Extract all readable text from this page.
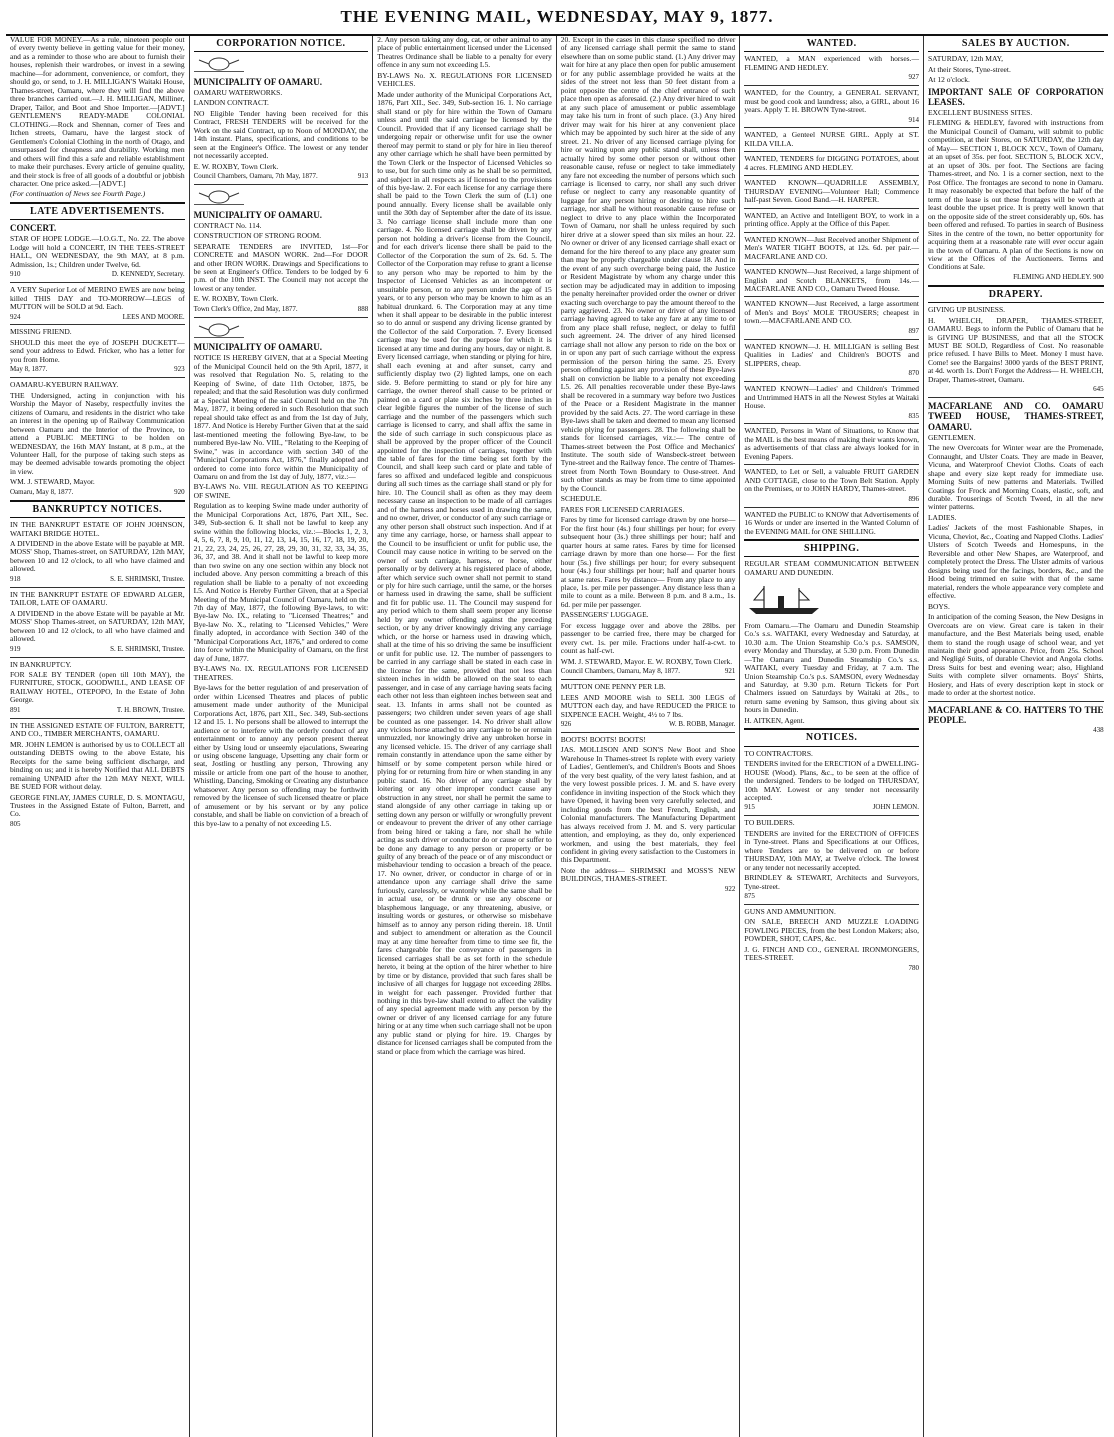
THE EVENING MAIL, WEDNESDAY, MAY 9, 1877.

VALUE FOR MONEY.—As a rule, nineteen people out of every twenty believe in getting value for their money, and as a reminder to those who are about to furnish their houses, replenish their wardrobes, or invest in a sewing machine—for adornment, convenience, or comfort, they should go, or send, to J. H. MILLIGAN'S Waitaki House, Thames-street, Oamaru, where they will find the above three branches carried out.—J. H. MILLIGAN, Milliner, Draper, Tailor, and Boot and Shoe Importer.—[ADVT.] GENTLEMEN'S READY-MADE COLONIAL CLOTHING.—Rock and Shennan, corner of Tees and Itchen streets, Oamaru, have the largest stock of Gentlemen's Colonial Clothing in the north of Otago, and unsurpassed for cheapness and durability. Working men and others will find this a safe and reliable establishment to make their purchases. Every article of genuine quality, and their stock is free of all goods of a doubtful or jobbish character. One price asked.—[ADVT.]

(For continuation of News see Fourth Page.)

LATE ADVERTISEMENTS.

CONCERT.

STAR OF HOPE LODGE.—I.O.G.T., No. 22. The above Lodge will hold a CONCERT, IN THE TEES-STREET HALL, ON WEDNESDAY, the 9th MAY, at 8 p.m. Admission, 1s.; Children under Twelve, 6d.

910	D. KENNEDY, Secretary.

A VERY Superior Lot of MERINO EWES are now being killed THIS DAY and TO-MORROW—LEGS of MUTTON will be SOLD at 9d. Each.

924	LEES AND MOORE.

MISSING FRIEND.

SHOULD this meet the eye of JOSEPH DUCKETT—send your address to Edwd. Fricker, who has a letter for you from Home.

May 8, 1877.	923

OAMARU-KYEBURN RAILWAY.

THE Undersigned, acting in conjunction with his Worship the Mayor of Naseby, respectfully invites the citizens of Oamaru, and residents in the district who take an interest in the opening up of Railway Communication between Oamaru and the Interior of the Province, to attend a PUBLIC MEETING to be holden on WEDNESDAY, the 16th MAY Instant, at 8 p.m., at the Volunteer Hall, for the purpose of taking such steps as may be deemed advisable towards promoting the object in view.

WM. J. STEWARD, Mayor.

Oamaru, May 8, 1877.	920
BANKRUPTCY NOTICES.

IN THE BANKRUPT ESTATE OF JOHN JOHNSON, WAITAKI BRIDGE HOTEL.

A DIVIDEND in the above Estate will be payable at MR. MOSS' Shop, Thames-street, on SATURDAY, 12th MAY, between 10 and 12 o'clock, to all who have claimed and allowed.

918	S. E. SHRIMSKI, Trustee.

IN THE BANKRUPT ESTATE OF EDWARD ALGER, TAILOR, LATE OF OAMARU.

A DIVIDEND in the above Estate will be payable at Mr. MOSS' Shop Thames-street, on SATURDAY, 12th MAY, between 10 and 12 o'clock, to all who have claimed and allowed.

919	S. E. SHRIMSKI, Trustee.

IN BANKRUPTCY.

FOR SALE BY TENDER (open till 10th MAY), the FURNITURE, STOCK, GOODWILL, AND LEASE OF RAILWAY HOTEL, OTEPOPO, In the Estate of John George.

891	T. H. BROWN, Trustee.

IN THE ASSIGNED ESTATE OF FULTON, BARRETT, AND CO., TIMBER MERCHANTS, OAMARU.

MR. JOHN LEMON is authorised by us to COLLECT all outstanding DEBTS owing to the above Estate, his Receipts for the same being sufficient discharge, and binding on us; and it is hereby Notified that ALL DEBTS remaining UNPAID after the 12th MAY NEXT, WILL BE SUED FOR without delay.

GEORGE FINLAY, JAMES CURLE, D. S. MONTAGU, Trustees in the Assigned Estate of Fulton, Barrett, and Co.

805
CORPORATION NOTICE.

MUNICIPALITY OF OAMARU.

OAMARU WATERWORKS.

LANDON CONTRACT.

NO Eligible Tender having been received for this Contract, FRESH TENDERS will be received for the Work on the said Contract, up to Noon of MONDAY, the 14th instant. Plans, specifications, and conditions to be seen at the Engineer's Office. The lowest or any tender not necessarily accepted.

E. W. ROXBY, Town Clerk.

Council Chambers, Oamaru, 7th May, 1877.	913

MUNICIPALITY OF OAMARU.

CONTRACT No. 114.

CONSTRUCTION OF STRONG ROOM.

SEPARATE TENDERS are INVITED, 1st—For CONCRETE and MASON WORK. 2nd—For DOOR and other IRON WORK. Drawings and Specifications to be seen at Engineer's Office. Tenders to be lodged by 6 p.m. of the 10th INST. The Council may not accept the lowest or any tender.

E. W. ROXBY, Town Clerk.

Town Clerk's Office, 2nd May, 1877.	888

MUNICIPALITY OF OAMARU.

NOTICE IS HEREBY GIVEN, that at a Special Meeting of the Municipal Council held on the 9th April, 1877, it was resolved that Regulation No. 5, relating to the Keeping of Swine, of date 11th October, 1875, be repealed; and that the said Resolution was duly confirmed at a Special Meeting of the said Council held on the 7th May, 1877, it being ordered in such Resolution that such repeal should take effect as and from the 1st day of July, 1877. And Notice is Hereby Further Given that at the said last-mentioned meeting the following Bye-law, to be numbered Bye-law No. VIII., "Relating to the Keeping of Swine," was in accordance with section 340 of the "Municipal Corporations Act, 1876," finally adopted and ordered to come into force within the Municipality of Oamaru on and from the 1st day of July, 1877, viz.:—

BY-LAWS No. VIII. REGULATION AS TO KEEPING OF SWINE.

Regulation as to keeping Swine made under authority of the Municipal Corporations Act, 1876, Part XII., Sec. 349, Sub-section 6. It shall not be lawful to keep any swine within the following blocks, viz.:—Blocks 1, 2, 3, 4, 5, 6, 7, 8, 9, 10, 11, 12, 13, 14, 15, 16, 17, 18, 19, 20, 21, 22, 23, 24, 25, 26, 27, 28, 29, 30, 31, 32, 33, 34, 35, 36, 37, and 38. And it shall not be lawful to keep more than two swine on any one section within any block not included above. Any person committing a breach of this regulation shall be liable to a penalty of not exceeding L5. And Notice is Hereby Further Given, that at a Special Meeting of the Municipal Council of Oamaru, held on the 7th day of May, 1877, the following Bye-laws, to wit: Bye-law No. IX., relating to "Licensed Theatres;" and Bye-law No. X., relating to "Licensed Vehicles," Were finally adopted, in accordance with Section 340 of the "Municipal Corporations Act, 1876," and ordered to come into force within the Municipality of Oamaru, on the first day of June, 1877.

BY-LAWS No. IX. REGULATIONS FOR LICENSED THEATRES.

Bye-laws for the better regulation of and preservation of order within Licensed Theatres and places of public amusement made under authority of the Municipal Corporations Act, 1876, part XII., Sec. 349, Sub-sections 12 and 15. 1. No persons shall be allowed to interrupt the audience or to interfere with the orderly conduct of any entertainment or to annoy any person present thereat either by Using loud or unseemly ejaculations, Swearing or using obscene language, Upsetting any chair form or seat, Jostling or hustling any person, Throwing any missile or article from one part of the house to another, Whistling, Dancing, Smoking or Creating any disturbance whatsoever. Any person so offending may be forthwith removed by the licensee of such licensed theatre or place of amusement or by his servant or by any police constable, and shall be liable on conviction of a breach of this bye-law to a penalty of not exceeding L5.

2. Any person taking any dog, cat, or other animal to any place of public entertainment licensed under the Licensed Theatres Ordinance shall be liable to a penalty for every offence in any sum not exceeding L5.

BY-LAWS No. X. REGULATIONS FOR LICENSED VEHICLES.

Made under authority of the Municipal Corporations Act, 1876, Part XII., Sec. 349, Sub-section 16. 1. No carriage shall stand or ply for hire within the Town of Oamaru unless and until the said carriage be licensed by the Council. Provided that if any licensed carriage shall be undergoing repair or otherwise unfit for use the owner thereof may permit to stand or ply for hire in lieu thereof any other carriage which he shall have been permitted by the Town Clerk or the Inspector of Licensed Vehicles so to use, but for such time only as he shall be so permitted, and subject in all respects as if licensed to the provisions of this bye-law. 2. For each license for any carriage there shall be paid to the Town Clerk the sum of (L1) one pound annually. Every license shall be available only until the 30th day of September after the date of its issue. 3. No carriage license shall include more than one carriage. 4. No licensed carriage shall be driven by any person not holding a driver's license from the Council, and for each driver's license there shall be paid to the Collector of the Corporation the sum of 2s. 6d. 5. The Collector of the Corporation may refuse to grant a license to any person who may be reported to him by the Inspector of Licensed Vehicles as an incompetent or unsuitable person, or to any person under the age of 15 years, or to any person who may be known to him as an habitual drunkard. 6. The Corporation may at any time when it shall appear to be desirable in the public interest so to do annul or suspend any driving license granted by the Collector of the said Corporation. 7. Every licensed carriage may be used for the purpose for which it is licensed at any time and during any hours, day or night. 8. Every licensed carriage, when standing or plying for hire, shall each evening at and after sunset, carry and sufficiently display two (2) lighted lamps, one on each side. 9. Before permitting to stand or ply for hire any carriage, the owner thereof shall cause to be printed or painted on a card or plate six inches by three inches in clear legible figures the number of the license of such carriage and the number of the passengers which such carriage is licensed to carry, and shall affix the same in the side of such carriage in such conspicuous place as shall be approved by the proper officer of the Council appointed for the inspection of carriages, together with the table of fares for the time being set forth by the Council, and shall keep such card or plate and table of fares so affixed and undefaced legible and conspicuous during all such times as the carriage shall stand or ply for hire. 10. The Council shall as often as they may deem necessary cause an inspection to be made of all carriages and of the harness and horses used in drawing the same, and no owner, driver, or conductor of any such carriage or any other person shall obstruct such inspection. And if at any time any carriage, horse, or harness shall appear to the Council to be insufficient or unfit for public use, the Council may cause notice in writing to be served on the owner of such carriage, harness, or horse, either personally or by delivery at his registered place of abode, after which service such owner shall not permit to stand or ply for hire such carriage, until the same, or the horses or harness used in drawing the same, shall be sufficient and fit for public use. 11. The Council may suspend for any period which to them shall seem proper any license held by any owner offending against the preceding section, or by any driver knowingly driving any carriage which, or the horse or harness used in drawing which, shall at the time of his so driving the same be insufficient or unfit for public use. 12. The number of passengers to be carried in any carriage shall be stated in each case in the license for the same, provided that not less than sixteen inches in width be allowed on the seat to each passenger, and in case of any carriage having seats facing each other not less than eighteen inches between seat and seat. 13. Infants in arms shall not be counted as passengers; two children under seven years of age shall be counted as one passenger. 14. No driver shall allow any vicious horse attached to any carriage to be or remain unmuzzled, nor knowingly drive any unbroken horse in any licensed vehicle. 15. The driver of any carriage shall remain constantly in attendance upon the same either by himself or by some competent person while hired or plying for or returning from hire or when standing in any public stand. 16. No driver of any carriage shall by loitering or any other improper conduct cause any obstruction in any street, nor shall he permit the same to stand alongside of any other carriage in taking up or setting down any person or wilfully or wrongfully prevent or endeavour to prevent the driver of any other carriage from being hired or taking a fare, nor shall he while acting as such driver or conductor do or cause or suffer to be done any damage to any person or property or be guilty of any breach of the peace or of any misconduct or misbehaviour tending to occasion a breach of the peace. 17. No owner, driver, or conductor in charge of or in attendance upon any carriage shall drive the same furiously, carelessly, or wantonly while the same shall be in actual use, or be drunk or use any obscene or blasphemous language, or any threatening, abusive, or insulting words or gestures, or otherwise so misbehave himself as to annoy any person riding therein. 18. Until and subject to amendment or alteration as the Council may at any time hereafter from time to time see fit, the fares chargeable for the conveyance of passengers in licensed carriages shall be as set forth in the schedule hereto, it being at the option of the hirer whether to hire by time or by distance, provided that such fares shall be inclusive of all charges for luggage not exceeding 28lbs. in weight for each passenger. Provided further that nothing in this bye-law shall extend to affect the validity of any special agreement made with any person by the owner or driver of any licensed carriage for any future hiring or at any time when such carriage shall not be upon any public stand or plying for hire. 19. Charges by distance for licensed carriages shall be computed from the stand or place from which the carriage was hired.

20. Except in the cases in this clause specified no driver of any licensed carriage shall permit the same to stand elsewhere than on some public stand. (1.) Any driver may wait for hire at any place then open for public amusement or for any public assemblage provided he waits at the sides of the street not less than 50 feet distant from a point opposite the centre of the chief entrance of such place then open as aforesaid. (2.) Any driver hired to wait at any such place of amusement or public assemblage may take his turn in front of such place. (3.) Any hired driver may wait for his hirer at any convenient place which may be appointed by such hirer at the side of any street. 21. No driver of any licensed carriage plying for hire or waiting upon any public stand shall, unless then actually hired by some other person or without other reasonable cause, refuse or neglect to take immediately any fare not exceeding the number of persons which such carriage is licensed to carry, nor shall any such driver refuse or neglect to carry any reasonable quantity of luggage for any person hiring or desiring to hire such carriage, nor shall he without reasonable cause refuse or neglect to drive to any place within the Incorporated Town of Oamaru, nor shall he unless required by such hirer drive at a slower speed than six miles an hour. 22. No owner or driver of any licensed carriage shall exact or demand for the hire thereof to any place any greater sum than may be properly chargeable under clause 18. And in the event of any such overcharge being paid, the Justice or Resident Magistrate by whom any charge under this section may be adjudicated may in addition to imposing the penalty hereinafter provided order the owner or driver exacting such overcharge to pay the amount thereof to the party aggrieved. 23. No owner or driver of any licensed carriage having agreed to take any fare at any time to or from any place shall refuse, neglect, or delay to fulfil such agreement. 24. The driver of any hired licensed carriage shall not allow any person to ride on the box or in or upon any part of such carriage without the express permission of the person hiring the same. 25. Every person offending against any provision of these Bye-laws shall on conviction be liable to a penalty not exceeding L5. 26. All penalties recoverable under these Bye-laws shall be recovered in a summary way before two Justices of the Peace or a Resident Magistrate in the manner provided by the said Acts. 27. The word carriage in these Bye-laws shall be taken and deemed to mean any licensed vehicle plying for passengers. 28. The following shall be stands for licensed carriages, viz.:— The centre of Thames-street between the Post Office and Mechanics' Institute. The south side of Wansbeck-street between Tyne-street and the Railway fence. The centre of Thames-street from North Town Boundary to Ouse-street. And such other stands as may be from time to time appointed by the Council.

SCHEDULE.

FARES FOR LICENSED CARRIAGES.

Fares by time for licensed carriage drawn by one horse— For the first hour (4s.) four shillings per hour; for every subsequent hour (3s.) three shillings per hour; half and quarter hours at same rates. Fares by time for licensed carriage drawn by more than one horse— For the first hour (5s.) five shillings per hour; for every subsequent hour (4s.) four shillings per hour; half and quarter hours at same rates. Fares by distance— From any place to any place, 1s. per mile per passenger. Any distance less than a mile to count as a mile. Between 8 p.m. and 8 a.m., 1s. 6d. per mile per passenger.

PASSENGERS' LUGGAGE.

For excess luggage over and above the 28lbs. per passenger to be carried free, there may be charged for every cwt. 1s. per mile. Fractions under half-a-cwt. to count as half-cwt.

WM. J. STEWARD, Mayor. E. W. ROXBY, Town Clerk.

Council Chambers, Oamaru, May 8, 1877.	921

MUTTON ONE PENNY PER LB.

LEES AND MOORE wish to SELL 300 LEGS of MUTTON each day, and have REDUCED the PRICE to SIXPENCE EACH. Weight, 4½ to 7 lbs.

926	W. B. ROBB, Manager.

BOOTS! BOOTS! BOOTS!

JAS. MOLLISON AND SON'S New Boot and Shoe Warehouse In Thames-street Is replete with every variety of Ladies', Gentlemen's, and Children's Boots and Shoes of the very best quality, of the very latest fashion, and at the very lowest possible prices. J. M. and S. have every confidence in inviting inspection of the Stock which they have Opened, it having been very carefully selected, and including goods from the best French, English, and Colonial manufacturers. The Manufacturing Department has always received from J. M. and S. very particular attention, and employing, as they do, only experienced workmen, and using the best materials, they feel confident in giving every satisfaction to the Customers in this Department.

Note the address— SHRIMSKI and MOSS'S NEW BUILDINGS, THAMES-STREET.

922
WANTED.

WANTED, a MAN experienced with horses.—FLEMING AND HEDLEY.

927

WANTED, for the Country, a GENERAL SERVANT, must be good cook and laundress; also, a GIRL, about 16 years. Apply T. H. BROWN Tyne-street.

914

WANTED, a Genteel NURSE GIRL. Apply at ST. KILDA VILLA.

WANTED, TENDERS for DIGGING POTATOES, about 4 acres. FLEMING AND HEDLEY.

WANTED KNOWN—QUADRILLE ASSEMBLY, THURSDAY EVENING—Volunteer Hall; Commence half-past Seven. Good Band.—H. HARPER.

WANTED, an Active and Intelligent BOY, to work in a printing office. Apply at the Office of this Paper.

WANTED KNOWN—Just Received another Shipment of Men's WATER TIGHT BOOTS, at 12s. 6d. per pair.—MACFARLANE AND CO.

WANTED KNOWN—Just Received, a large shipment of English and Scotch BLANKETS, from 14s.—MACFARLANE AND CO., Oamaru Tweed House.

WANTED KNOWN—Just Received, a large assortment of Men's and Boys' MOLE TROUSERS; cheapest in town.—MACFARLANE AND CO.

897

WANTED KNOWN—J. H. MILLIGAN is selling Best Qualities in Ladies' and Children's BOOTS and SLIPPERS, cheap.

870

WANTED KNOWN—Ladies' and Children's Trimmed and Untrimmed HATS in all the Newest Styles at Waitaki House.

835

WANTED, Persons in Want of Situations, to Know that the MAIL is the best means of making their wants known, as advertisements of that class are always looked for in Evening Papers.

WANTED, to Let or Sell, a valuable FRUIT GARDEN AND COTTAGE, close to the Town Belt Station. Apply on the Premises, or to JOHN HARDY, Thames-street.

896

WANTED the PUBLIC to KNOW that Advertisements of 16 Words or under are inserted in the Wanted Column of the EVENING MAIL for ONE SHILLING.

SHIPPING.

REGULAR STEAM COMMUNICATION BETWEEN OAMARU AND DUNEDIN.

From Oamaru.—The Oamaru and Dunedin Steamship Co.'s s.s. WAITAKI, every Wednesday and Saturday, at 10.30 a.m. The Union Steamship Co.'s p.s. SAMSON, every Monday and Thursday, at 5.30 p.m. From Dunedin—The Oamaru and Dunedin Steamship Co.'s s.s. WAITAKI, every Tuesday and Friday, at 7 a.m. The Union Steamship Co.'s p.s. SAMSON, every Wednesday and Saturday, at 9.30 p.m. Return Tickets for Port Chalmers issued on Saturdays by Waitaki at 20s., to return same evening by Samson, thus giving about six hours in Dunedin.

H. AITKEN, Agent.

NOTICES.

TO CONTRACTORS.

TENDERS invited for the ERECTION of a DWELLING-HOUSE (Wood). Plans, &c., to be seen at the office of the undersigned. Tenders to be lodged on THURSDAY, 10th MAY. Lowest or any tender not necessarily accepted.

915	JOHN LEMON.

TO BUILDERS.

TENDERS are invited for the ERECTION of OFFICES in Tyne-street. Plans and Specifications at our Offices, where Tenders are to be delivered on or before THURSDAY, 10th MAY, at Twelve o'clock. The lowest or any tender not necessarily accepted.

BRINDLEY & STEWART, Architects and Surveyors, Tyne-street.

875

GUNS AND AMMUNITION.

ON SALE, BREECH AND MUZZLE LOADING FOWLING PIECES, from the best London Makers; also, POWDER, SHOT, CAPS, &c.

J. G. FINCH AND CO., GENERAL IRONMONGERS, TEES-STREET.

780
SALES BY AUCTION.

SATURDAY, 12th MAY,

At their Stores, Tyne-street.

At 12 o'clock.

IMPORTANT SALE OF CORPORATION LEASES.

EXCELLENT BUSINESS SITES.

FLEMING & HEDLEY, favored with instructions from the Municipal Council of Oamaru, will submit to public competition, at their Stores, on SATURDAY, the 12th day of May— SECTION 1, BLOCK XCV., Town of Oamaru, at an upset of 35s. per foot. SECTION 5, BLOCK XCV., at an upset of 30s. per foot. The Sections are facing Thames-street, and No. 1 is a corner section, next to the Post Office. The frontages are second to none in Oamaru. It may reasonably be expected that before the half of the term of the lease is out these frontages will be worth at least double the upset price. It is pretty well known that on the opposite side of the street considerably up, 60s. has been offered and refused. To parties in search of Business Sites in the centre of the town, no better opportunity for acquiring them at a reasonable rate will ever occur again in the town of Oamaru. A plan of the Sections is now on view at the Offices of the Auctioneers. Terms and Conditions at Sale.

FLEMING AND HEDLEY. 900
DRAPERY.

GIVING UP BUSINESS.

H. WHELCH, DRAPER, THAMES-STREET, OAMARU. Begs to inform the Public of Oamaru that he is GIVING UP BUSINESS, and that all the STOCK MUST BE SOLD, Regardless of Cost. No reasonable price refused. I have Bills to Meet. Money I must have. Come! see the Bargains! 3000 yards of the BEST PRINT, at 4d. worth 1s. Don't Forget the Address— H. WHELCH, Draper, Thames-street, Oamaru.

645

MACFARLANE AND CO. OAMARU TWEED HOUSE, THAMES-STREET, OAMARU.

GENTLEMEN.

The new Overcoats for Winter wear are the Promenade, Connaught, and Ulster Coats. They are made in Beaver, Vicuna, and Waterproof Cheviot Cloths. Coats of each shape and every size kept ready for immediate use. Morning Suits of new patterns and Materials. Twilled Coatings for Frock and Morning Coats, elastic, soft, and durable. Trouserings of Scotch Tweed, in all the new winter patterns.

LADIES.

Ladies' Jackets of the most Fashionable Shapes, in Vicuna, Cheviot, &c., Coating and Napped Cloths. Ladies' Ulsters of Scotch Tweeds and Homespuns, in the Reversible and other New Shapes, are Waterproof, and completely protect the Dress. The Ulster admits of various designs being used for the facings, borders, &c., and the Hood being trimmed en suite with that of the same material, renders the whole appearance very complete and effective.

BOYS.

In anticipation of the coming Season, the New Designs in Overcoats are on view. Great care is taken in their manufacture, and the Best Materials being used, enable them to stand the rough usage of school wear, and yet maintain their good appearance. Price, from 25s. School and Negligé Suits, of durable Cheviot and Angola cloths. Dress Suits for best and evening wear; also, Highland Suits with complete silver ornaments. Boys' Shirts, Hosiery, and Hats of every description kept in stock or made to order at the shortest notice.

MACFARLANE & CO. HATTERS TO THE PEOPLE.

438
